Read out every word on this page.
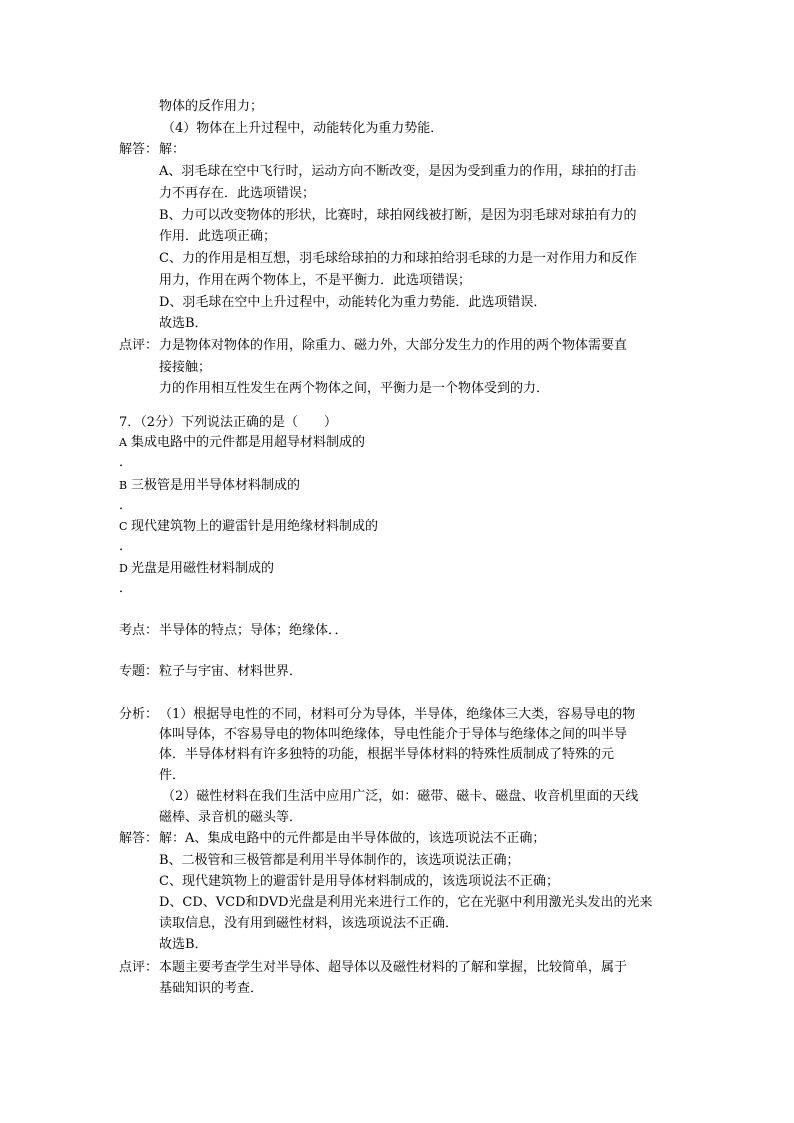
物体的反作用力；
（4）物体在上升过程中，动能转化为重力势能．
解答： 解：
A、羽毛球在空中飞行时，运动方向不断改变，是因为受到重力的作用，球拍的打击
力不再存在．此选项错误；
B、力可以改变物体的形状，比赛时，球拍网线被打断，是因为羽毛球对球拍有力的
作用．此选项正确；
C、力的作用是相互想，羽毛球给球拍的力和球拍给羽毛球的力是一对作用力和反作
用力，作用在两个物体上，不是平衡力．此选项错误；
D、羽毛球在空中上升过程中，动能转化为重力势能．此选项错误．
故选B．
点评： 力是物体对物体的作用，除重力、磁力外，大部分发生力的作用的两个物体需要直
接接触；
力的作用相互性发生在两个物体之间，平衡力是一个物体受到的力．
7．（2分）下列说法正确的是（　　）
A 集成电路中的元件都是用超导材料制成的
．
B 三极管是用半导体材料制成的
．
C 现代建筑物上的避雷针是用绝缘材料制成的
．
D 光盘是用磁性材料制成的
．
考点： 半导体的特点；导体；绝缘体．．
专题： 粒子与宇宙、材料世界．
分析： （1）根据导电性的不同，材料可分为导体，半导体，绝缘体三大类，容易导电的物
体叫导体，不容易导电的物体叫绝缘体，导电性能介于导体与绝缘体之间的叫半导
体．半导体材料有许多独特的功能，根据半导体材料的特殊性质制成了特殊的元
件．
（2）磁性材料在我们生活中应用广泛，如：磁带、磁卡、磁盘、收音机里面的天线
磁棒、录音机的磁头等．
解答： 解：A、集成电路中的元件都是由半导体做的，该选项说法不正确；
B、二极管和三极管都是利用半导体制作的，该选项说法正确；
C、现代建筑物上的避雷针是用导体材料制成的，该选项说法不正确；
D、CD、VCD和DVD光盘是利用光来进行工作的，它在光驱中利用激光头发出的光来
读取信息，没有用到磁性材料，该选项说法不正确．
故选B．
点评： 本题主要考查学生对半导体、超导体以及磁性材料的了解和掌握，比较简单，属于
基础知识的考查．
